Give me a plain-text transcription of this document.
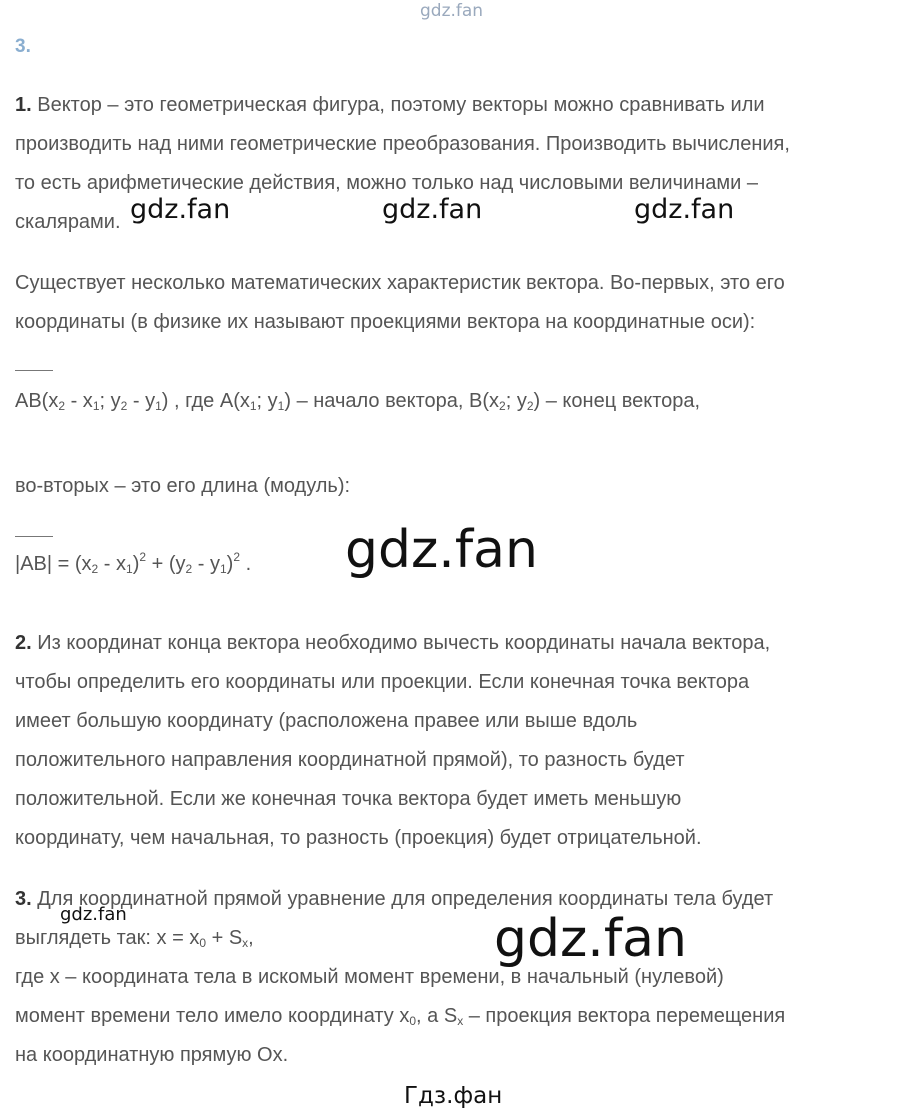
gdz.fan
3.
1. Вектор – это геометрическая фигура, поэтому векторы можно сравнивать или
производить над ними геометрические преобразования. Производить вычисления,
то есть арифметические действия, можно только над числовыми величинами –
скалярами. gdz.fan	gdz.fan	gdz.fan
Существует несколько математических характеристик вектора. Во-первых, это его
координаты (в физике их называют проекциями вектора на координатные оси):
$AB(x_2 - x_1$; $y_2 - y_1$) , где $A(x_1$; $y_1$) – начало вектора, $B(x_2$; $y_2$) – конец вектора,
во-вторых – это его длина (модуль):
$|AB| = (x_2 - x_1)^2 + (y_2 - y_1)^2$ . gdz.fan
2. Из координат конца вектора необходимо вычесть координаты начала вектора,
чтобы определить его координаты или проекции. Если конечная точка вектора
имеет большую координату (расположена правее или выше вдоль
положительного направления координатной прямой), то разность будет
положительной. Если же конечная точка вектора будет иметь меньшую
координату, чем начальная, то разность (проекция) будет отрицательной.
3. Для координатной прямой уравнение для определения координаты тела будет
выглядеть так: $x = x_0 + S_x$,
где x – координата тела в искомый момент времени, в начальный (нулевой)
момент времени тело имело координату $x_0$, а $S_x$ – проекция вектора перемещения
на координатную прямую Ox.
gdz.fan	gdz.fan
Гдз.фан
